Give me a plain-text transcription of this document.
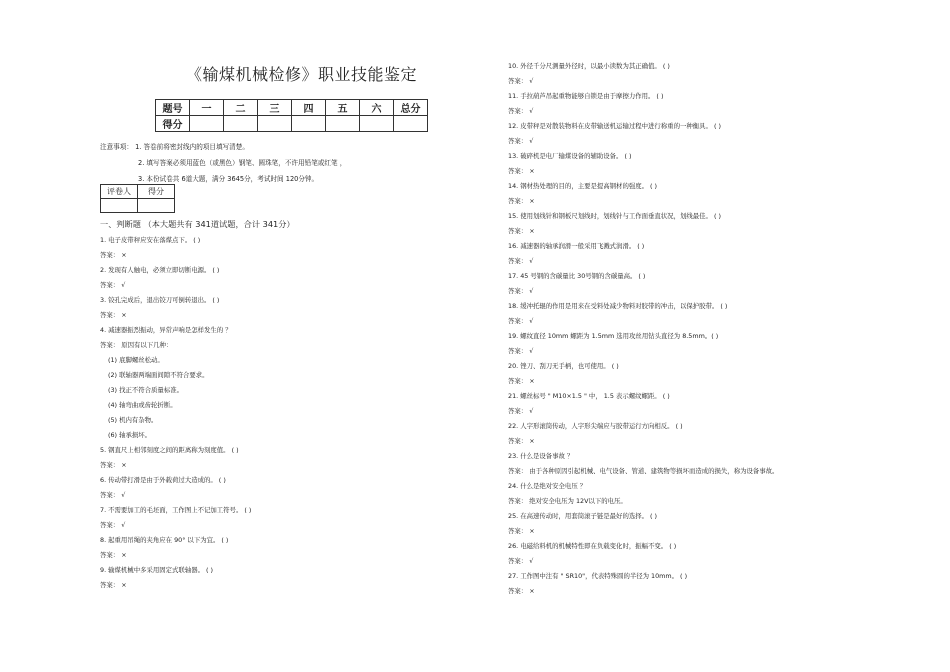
《输煤机械检修》职业技能鉴定
题号	一	二	三	四	五	六	总分
得分							
注意事项： 1. 答卷前将密封线内的项目填写清楚。
2. 填写答案必须用蓝色（或黑色）钢笔、圆珠笔，不许用铅笔或红笔 ，
3. 本份试卷共 6道大题，满分 3645分，考试时间 120分钟。
评卷人	得分

一、判断题 （本大题共有 341道试题，合计 341分）
1. 电子皮带秤应安在落煤点下。 ( )
答案： ×
2. 发现有人触电，必须立即切断电源。 ( )
答案： √
3. 铰孔完成后，退出铰刀可倒转退出。 ( )
答案： ×
4. 减速器振烈振动，异常声响是怎样发生的 ？
答案： 原因有以下几种：
(1) 底脚螺丝松动。
(2) 联轴器两端面间隙不符合要求。
(3) 找正不符合质量标准。
(4) 轴弯曲或齿轮折断。
(5) 机内有杂物。
(6) 轴承损坏。
5. 钢直尺上相邻刻度之间的距离称为刻度值。 ( )
答案： ×
6. 传动带打滑是由于外载荷过大造成的。 ( )
答案： √
7. 不需要加工的毛坯面，工作图上不记加工符号。 ( )
答案： √
8. 起重用吊绳的夹角应在 90° 以下为宜。 ( )
答案： ×
9. 输煤机械中多采用固定式联轴器。 ( )
答案： ×
10. 外径千分尺测量外径时，以最小读数为其正确值。 ( )
答案： √
11. 手拉葫芦吊起重物能够自锁是由于摩擦力作用。 ( )
答案： √
12. 皮带秤是对散装物料在皮带输送机运输过程中进行称重的一种衡具。 ( )
答案： √
13. 破碎机是电厂输煤设备的辅助设备。 ( )
答案： ×
14. 钢材热处理的目的，主要是提高钢材的强度。 ( )
答案： ×
15. 使用划线针和钢板尺划线时，划线针与工作面垂直状况，划线最佳。 ( )
答案： ×
16. 减速器的轴承润滑一般采用飞溅式润滑。 ( )
答案： √
17. 45 号钢的含碳量比 30号钢的含碳量高。 ( )
答案： √
18. 缓冲托辊的作用是用来在受料处减少物料对胶带的冲击，以保护胶带。 ( )
答案： √
19. 螺纹直径 10mm 螺距为 1.5mm 选用攻丝用钻头直径为 8.5mm。( )
答案： √
20. 锉刀、刮刀无手柄，也可使用。 ( )
答案： ×
21. 螺丝标号 " M10×1.5 " 中， 1.5 表示螺纹螺距。 ( )
答案： √
22. 人字形滚筒传动，人字形尖端应与胶带运行方向相反。 ( )
答案： ×
23. 什么是设备事故 ？
答案： 由于各种原因引起机械、电气设备、管道、建筑物等损坏而造成的损失，称为设备事故。
24. 什么是绝对安全电压 ？
答案： 绝对安全电压为 12V以下的电压。
25. 在高速传动时，用套筒滚子链是最好的选择。 ( )
答案： ×
26. 电磁给料机的机械特性即在负载变化时，振幅不变。 ( )
答案： √
27. 工作图中注有 " SR10"，代表特殊圆的半径为 10mm。 ( )
答案： ×
